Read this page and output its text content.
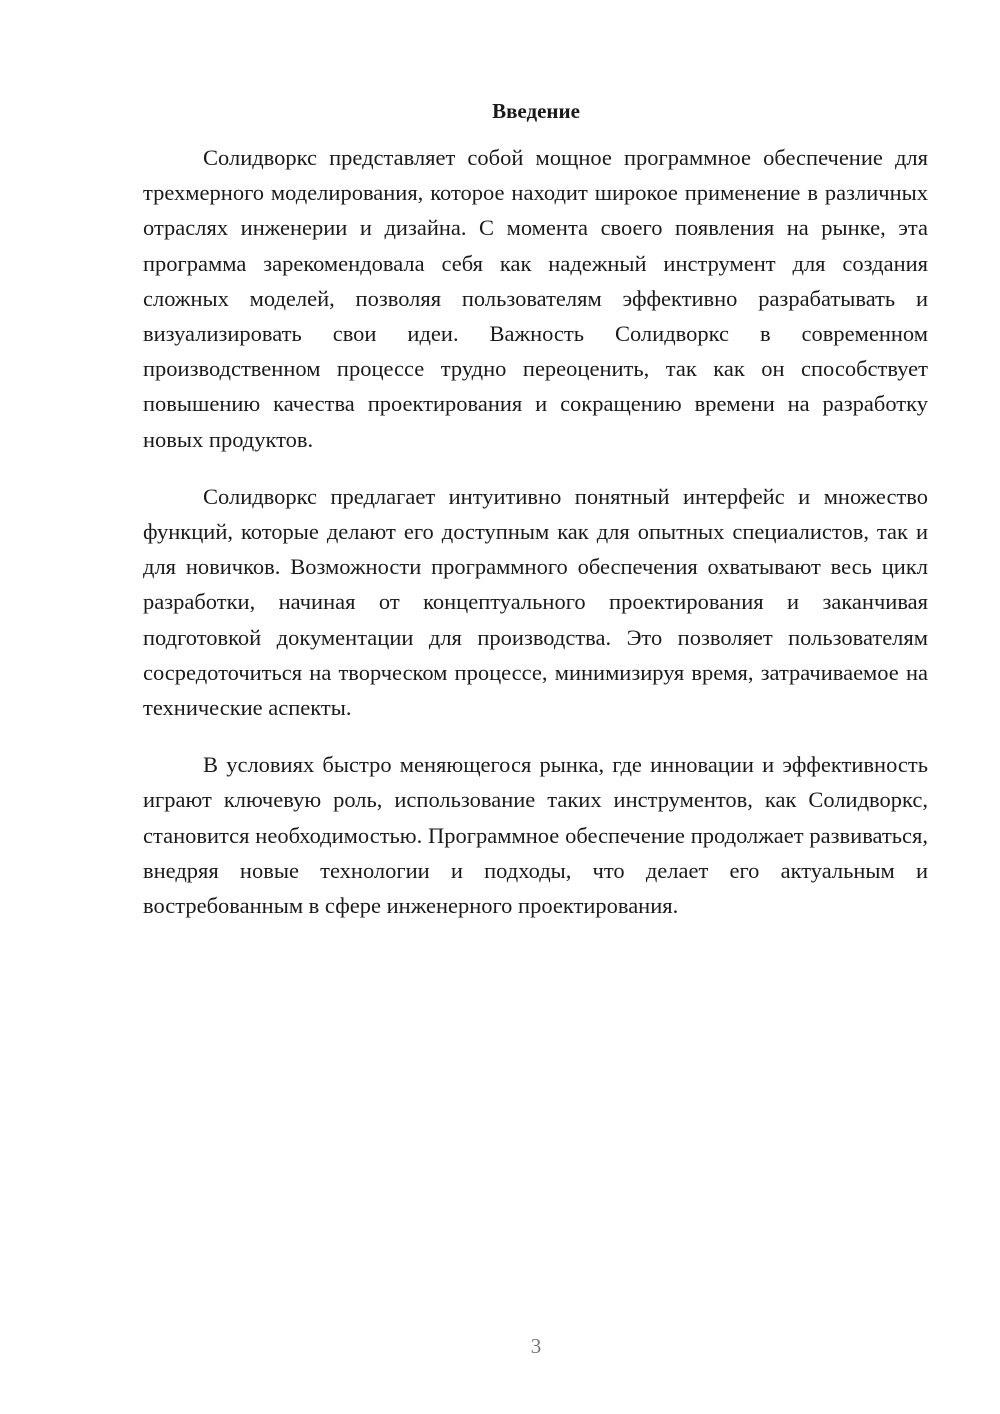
Введение

Солидворкс представляет собой мощное программное обеспечение для трехмерного моделирования, которое находит широкое применение в различных отраслях инженерии и дизайна. С момента своего появления на рынке, эта программа зарекомендовала себя как надежный инструмент для создания сложных моделей, позволяя пользователям эффективно разрабатывать и визуализировать свои идеи. Важность Солидворкс в современном производственном процессе трудно переоценить, так как он способствует повышению качества проектирования и сокращению времени на разработку новых продуктов.

Солидворкс предлагает интуитивно понятный интерфейс и множество функций, которые делают его доступным как для опытных специалистов, так и для новичков. Возможности программного обеспечения охватывают весь цикл разработки, начиная от концептуального проектирования и заканчивая подготовкой документации для производства. Это позволяет пользователям сосредоточиться на творческом процессе, минимизируя время, затрачиваемое на технические аспекты.

В условиях быстро меняющегося рынка, где инновации и эффективность играют ключевую роль, использование таких инструментов, как Солидворкс, становится необходимостью. Программное обеспечение продолжает развиваться, внедряя новые технологии и подходы, что делает его актуальным и востребованным в сфере инженерного проектирования.

3
